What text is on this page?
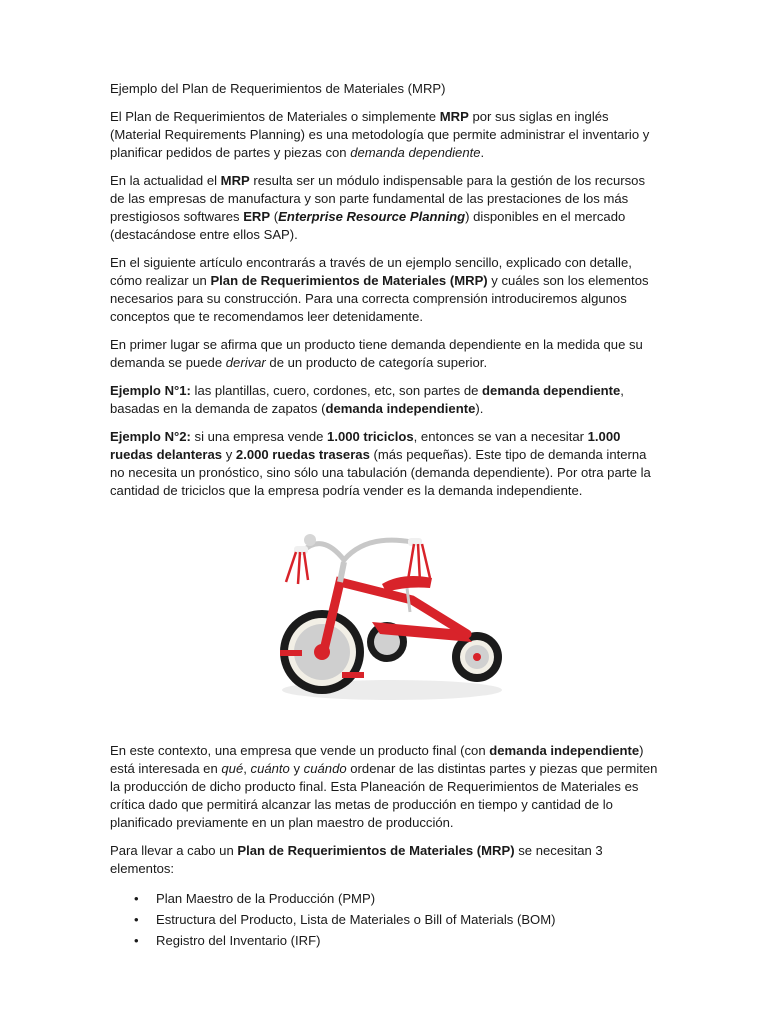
Ejemplo del Plan de Requerimientos de Materiales (MRP)

El Plan de Requerimientos de Materiales o simplemente MRP por sus siglas en inglés (Material Requirements Planning) es una metodología que permite administrar el inventario y planificar pedidos de partes y piezas con demanda dependiente.

En la actualidad el MRP resulta ser un módulo indispensable para la gestión de los recursos de las empresas de manufactura y son parte fundamental de las prestaciones de los más prestigiosos softwares ERP (Enterprise Resource Planning) disponibles en el mercado (destacándose entre ellos SAP).

En el siguiente artículo encontrarás a través de un ejemplo sencillo, explicado con detalle, cómo realizar un Plan de Requerimientos de Materiales (MRP) y cuáles son los elementos necesarios para su construcción. Para una correcta comprensión introduciremos algunos conceptos que te recomendamos leer detenidamente.

En primer lugar se afirma que un producto tiene demanda dependiente en la medida que su demanda se puede derivar de un producto de categoría superior.

Ejemplo N°1: las plantillas, cuero, cordones, etc, son partes de demanda dependiente, basadas en la demanda de zapatos (demanda independiente).

Ejemplo N°2: si una empresa vende 1.000 triciclos, entonces se van a necesitar 1.000 ruedas delanteras y 2.000 ruedas traseras (más pequeñas). Este tipo de demanda interna no necesita un pronóstico, sino sólo una tabulación (demanda dependiente). Por otra parte la cantidad de triciclos que la empresa podría vender es la demanda independiente.

En este contexto, una empresa que vende un producto final (con demanda independiente) está interesada en qué, cuánto y cuándo ordenar de las distintas partes y piezas que permiten la producción de dicho producto final. Esta Planeación de Requerimientos de Materiales es crítica dado que permitirá alcanzar las metas de producción en tiempo y cantidad de lo planificado previamente en un plan maestro de producción.

Para llevar a cabo un Plan de Requerimientos de Materiales (MRP) se necesitan 3 elementos:

• Plan Maestro de la Producción (PMP)
• Estructura del Producto, Lista de Materiales o Bill of Materials (BOM)
• Registro del Inventario (IRF)
